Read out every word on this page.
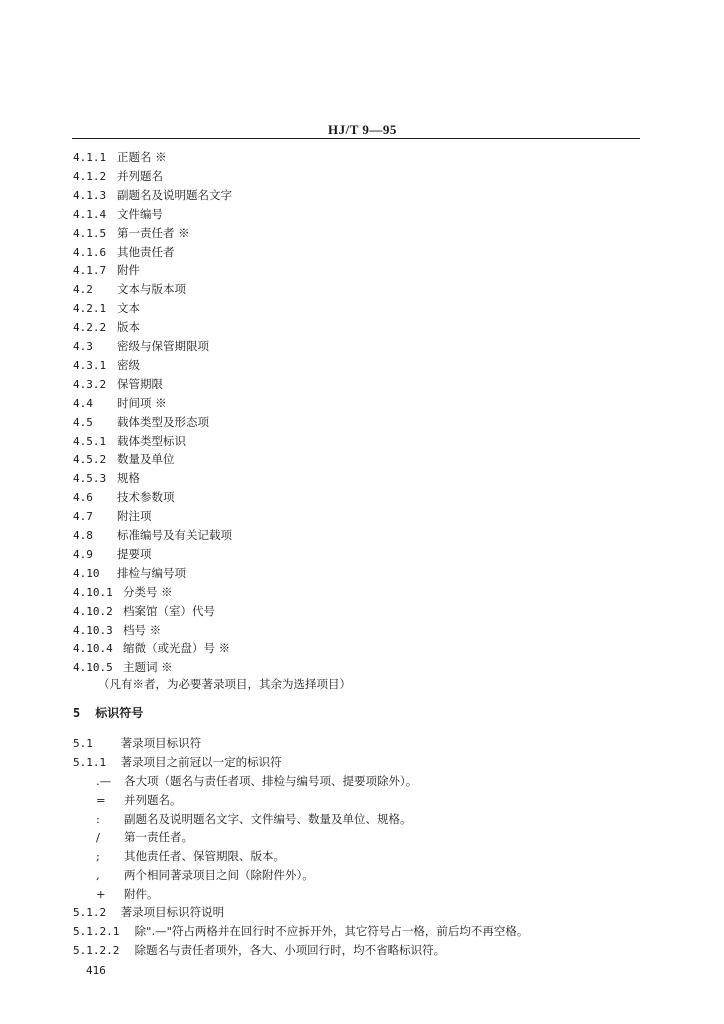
HJ/T 9—95
4.1.1 正题名 ※
4.1.2 并列题名
4.1.3 副题名及说明题名文字
4.1.4 文件编号
4.1.5 第一责任者 ※
4.1.6 其他责任者
4.1.7 附件
4.2 文本与版本项
4.2.1 文本
4.2.2 版本
4.3 密级与保管期限项
4.3.1 密级
4.3.2 保管期限
4.4 时间项 ※
4.5 载体类型及形态项
4.5.1 载体类型标识
4.5.2 数量及单位
4.5.3 规格
4.6 技术参数项
4.7 附注项
4.8 标准编号及有关记载项
4.9 提要项
4.10 排检与编号项
4.10.1 分类号 ※
4.10.2 档案馆（室）代号
4.10.3 档号 ※
4.10.4 缩微（或光盘）号 ※
4.10.5 主题词 ※
（凡有※者，为必要著录项目，其余为选择项目）
5 标识符号
5.1 著录项目标识符
5.1.1 著录项目之前冠以一定的标识符
.— 各大项（题名与责任者项、排检与编号项、提要项除外）。
= 并列题名。
: 副题名及说明题名文字、文件编号、数量及单位、规格。
/ 第一责任者。
; 其他责任者、保管期限、版本。
, 两个相同著录项目之间（除附件外）。
+ 附件。
5.1.2 著录项目标识符说明
5.1.2.1 除".—"符占两格并在回行时不应拆开外，其它符号占一格，前后均不再空格。
5.1.2.2 除题名与责任者项外，各大、小项回行时，均不省略标识符。
416
